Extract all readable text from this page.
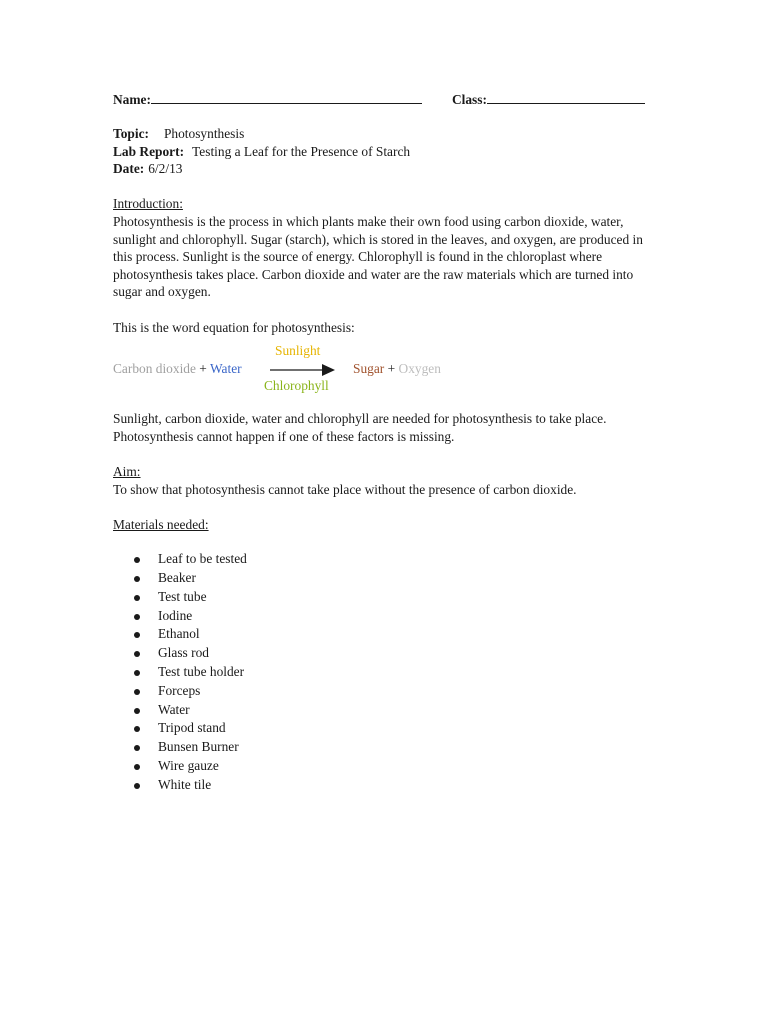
Name:	Class:

Topic: Photosynthesis

Lab Report: Testing a Leaf for the Presence of Starch

Date: 6/2/13

Introduction:

Photosynthesis is the process in which plants make their own food using carbon dioxide, water, sunlight and chlorophyll. Sugar (starch), which is stored in the leaves, and oxygen, are produced in this process. Sunlight is the source of energy. Chlorophyll is found in the chloroplast where photosynthesis takes place. Carbon dioxide and water are the raw materials which are turned into sugar and oxygen.

This is the word equation for photosynthesis:

Carbon dioxide + Water
Sunlight
Chlorophyll
Sugar + Oxygen

Sunlight, carbon dioxide, water and chlorophyll are needed for photosynthesis to take place. Photosynthesis cannot happen if one of these factors is missing.

Aim:

To show that photosynthesis cannot take place without the presence of carbon dioxide.

Materials needed:

Leaf to be tested
Beaker
Test tube
Iodine
Ethanol
Glass rod
Test tube holder
Forceps
Water
Tripod stand
Bunsen Burner
Wire gauze
White tile
